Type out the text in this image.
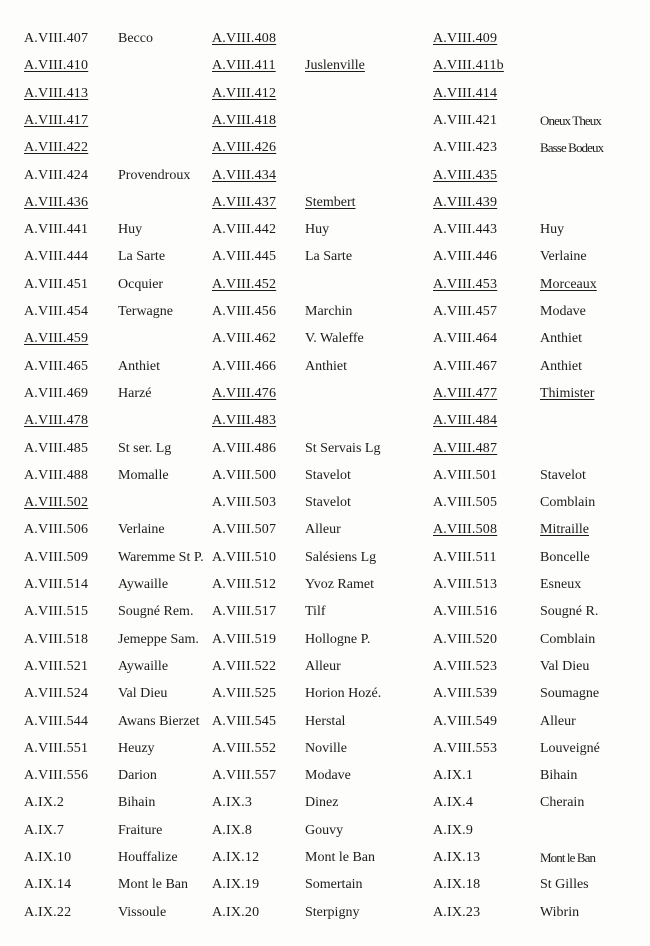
A.VIII.407 Becco	A.VIII.408	A.VIII.409
A.VIII.410	A.VIII.411 Juslenville	A.VIII.411b
A.VIII.413	A.VIII.412	A.VIII.414
A.VIII.417	A.VIII.418	A.VIII.421	Oneux Theux
A.VIII.422	A.VIII.426	A.VIII.423	Basse Bodeux
A.VIII.424 Provendroux A.VIII.434	A.VIII.435
A.VIII.436	A.VIII.437 Stembert	A.VIII.439
A.VIII.441 Huy	A.VIII.442 Huy	A.VIII.443	Huy
A.VIII.444 La Sarte	A.VIII.445 La Sarte	A.VIII.446	Verlaine
A.VIII.451 Ocquier	A.VIII.452	A.VIII.453	Morceaux
A.VIII.454 Terwagne	A.VIII.456 Marchin	A.VIII.457	Modave
A.VIII.459	A.VIII.462 V. Waleffe	A.VIII.464	Anthiet
A.VIII.465 Anthiet	A.VIII.466 Anthiet	A.VIII.467	Anthiet
A.VIII.469 Harzé	A.VIII.476	A.VIII.477	Thimister
A.VIII.478	A.VIII.483	A.VIII.484
A.VIII.485 St ser. Lg	A.VIII.486 St Servais Lg	A.VIII.487
A.VIII.488 Momalle	A.VIII.500 Stavelot	A.VIII.501	Stavelot
A.VIII.502	A.VIII.503 Stavelot	A.VIII.505	Comblain
A.VIII.506 Verlaine	A.VIII.507 Alleur	A.VIII.508	Mitraille
A.VIII.509 Waremme St P. A.VIII.510 Salésiens Lg	A.VIII.511	Boncelle
A.VIII.514 Aywaille	A.VIII.512 Yvoz Ramet	A.VIII.513	Esneux
A.VIII.515 Sougné Rem. A.VIII.517 Tilf	A.VIII.516	Sougné R.
A.VIII.518 Jemeppe Sam. A.VIII.519 Hollogne P.	A.VIII.520	Comblain
A.VIII.521 Aywaille	A.VIII.522 Alleur	A.VIII.523	Val Dieu
A.VIII.524 Val Dieu	A.VIII.525 Horion Hozé.	A.VIII.539	Soumagne
A.VIII.544 Awans Bierzet A.VIII.545 Herstal	A.VIII.549	Alleur
A.VIII.551 Heuzy	A.VIII.552 Noville	A.VIII.553	Louveigné
A.VIII.556 Darion	A.VIII.557 Modave	A.IX.1	Bihain
A.IX.2	Bihain	A.IX.3	Dinez	A.IX.4	Cherain
A.IX.7	Fraiture	A.IX.8	Gouvy	A.IX.9
A.IX.10	Houffalize A.IX.12	Mont le Ban	A.IX.13	Mont le Ban
A.IX.14	Mont le Ban A.IX.19	Somertain	A.IX.18	St Gilles
A.IX.22	Vissoule	A.IX.20	Sterpigny	A.IX.23	Wibrin
